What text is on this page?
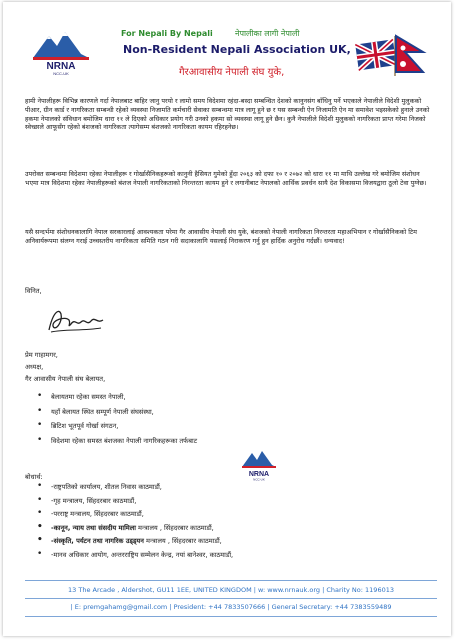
NRNA
NCC-UK
For Nepali By Nepali	नेपालीका लागी नेपाली
Non-Resident Nepali Association UK,
गैरआवासीय नेपाली संघ युके,

हामी नेपालीहरू विभिन्न कारणले गर्दा नेपालबाट बाहिर जानु परयो र लामो समय विदेशमा रहंदा-बस्दा सम्बन्धित देशको कानुनसंग बाँधिनु पर्ने भएकाले नेपालीले विदेशी मुलुकको पीआर, ग्रीन कार्ड र नागरिकता सम्बन्धी रहेको व्यवस्था निजामति कर्मचारी सेवाका सम्बन्धमा मात्र लागू हुने छ र यस सम्बन्धी ऐन निजामति ऐन मा समावेश भइसकेको हुनाले उनको हकमा नेपालको संविधान बमोजिम धारा ११ ले दिएको अधिकार प्रयोग गरी उनको हकमा सो व्यवस्था लागू हुने छैन। कुनै नेपालीले विदेशी मुलुकको नागरिकता प्राप्त गरेमा निजको स्वेच्छाले आफूसँग रहेको बंशजको नागरिकता त्यागेसम्म बंशजको नागरिकता कायम रहिरहनेछ।

उपरोक्त सम्बन्धमा विदेशमा रहेका नेपालीहरू र गोर्खासैनिकहरूको कानुनी हैसियत गुमेको हुँदा २०६३ को दफा १० र २०७२ को धारा ११ मा माथि उल्लेख गरे बमोजिम संशोधन भएमा मात्र विदेशमा रहेका नेपालीहरूको बंशज नेपाली नागरिकताको निरन्तरता कायम हुने र लगानीबाट नेपालको आर्थिक प्रवर्धन सायै देश विकासमा विजयद्वारा ठूलो टेवा पुग्नेछ।

यसै सन्दर्भमा संशोधनकालागि नेपाल सरकारलाई आवश्यकता परेमा गैर आवासीय नेपाली संघ युके, बंशजको नेपाली नागरिकता निरन्तरता महाअभियान र गोर्खासैनिकको टिम अनिवार्यरूपमा संलग्न गराई उच्चस्तरीय नागरिकता समिति गठन गरी सदाकालागि यसलाई निराकरण गर्नु हुन हार्दिक अनुरोध गर्दछौं। धन्यवाद!

विनित,
प्रेम गाहामगर,
अध्यक्ष,
गैर आवासीय नेपाली संघ बेलायत,
• बेलायतमा रहेका समस्त नेपाली,
• यहाँ बेलायत स्थित सम्पूर्ण नेपाली संघसंस्था,
• ब्रिटिश भूतपूर्व गोर्खा संगठन,
• विदेशमा रहेका समस्त बंशजका नेपाली नागरिकहरूका तर्फबाट
NRNA
NCC-UK
बोधार्थ:
• -राष्ट्रपतिको कार्यालय, शीतल निवास काठमाडौं,
• -गृह मन्त्रालय, सिंहदरबार काठमाडौं,
• -परराष्ट्र मन्त्रालय, सिंहदरबार काठमाडौं,
• -कानून, न्याय तथा संसदीय मामिला मन्त्रालय , सिंहदरबार काठमाडौं,
• -संस्कृति, पर्यटन तथा नागरिक उड्ड्यन मन्त्रालय , सिंहदरबार काठमाडौं,
• -मानव अधिकार आयोग, अन्तरराष्ट्रिय सम्मेलन केन्द्र, नयां बानेश्वर, काठमाडौं,
13 The Arcade , Aldershot, GU11 1EE, UNITED KINGDOM | w: www.nrnauk.org | Charity No: 1196013
| E: premgahamg@gmail.com | President: +44 7833507666 | General Secretary: +44 7383559489
